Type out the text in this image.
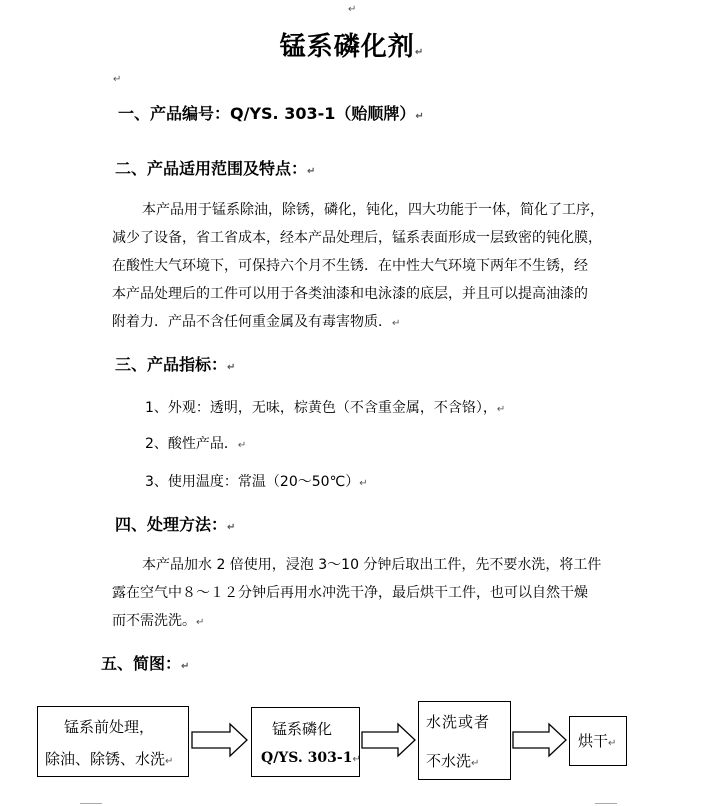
↵
锰系磷化剂↵
↵
一、产品编号：Q/YS. 303-1（贻顺牌）↵
二、产品适用范围及特点：↵
本产品用于锰系除油，除锈，磷化，钝化，四大功能于一体，简化了工序，
减少了设备，省工省成本，经本产品处理后，锰系表面形成一层致密的钝化膜，
在酸性大气环境下，可保持六个月不生锈．在中性大气环境下两年不生锈，经
本产品处理后的工件可以用于各类油漆和电泳漆的底层，并且可以提高油漆的
附着力．产品不含任何重金属及有毒害物质．↵
三、产品指标：↵
1、外观：透明，无味，棕黄色（不含重金属，不含铬），↵
2、酸性产品．↵
3、使用温度：常温（20～50℃）↵
四、处理方法：↵
本产品加水 2 倍使用，浸泡 3～10 分钟后取出工件，先不要水洗，将工件
露在空气中８～１２分钟后再用水冲洗干净，最后烘干工件，也可以自然干燥
而不需洗洗。↵
五、简图：↵
锰系前处理，
除油、除锈、水洗↵
锰系磷化
Q/YS. 303-1↵
水洗或者
不水洗↵
烘干↵
